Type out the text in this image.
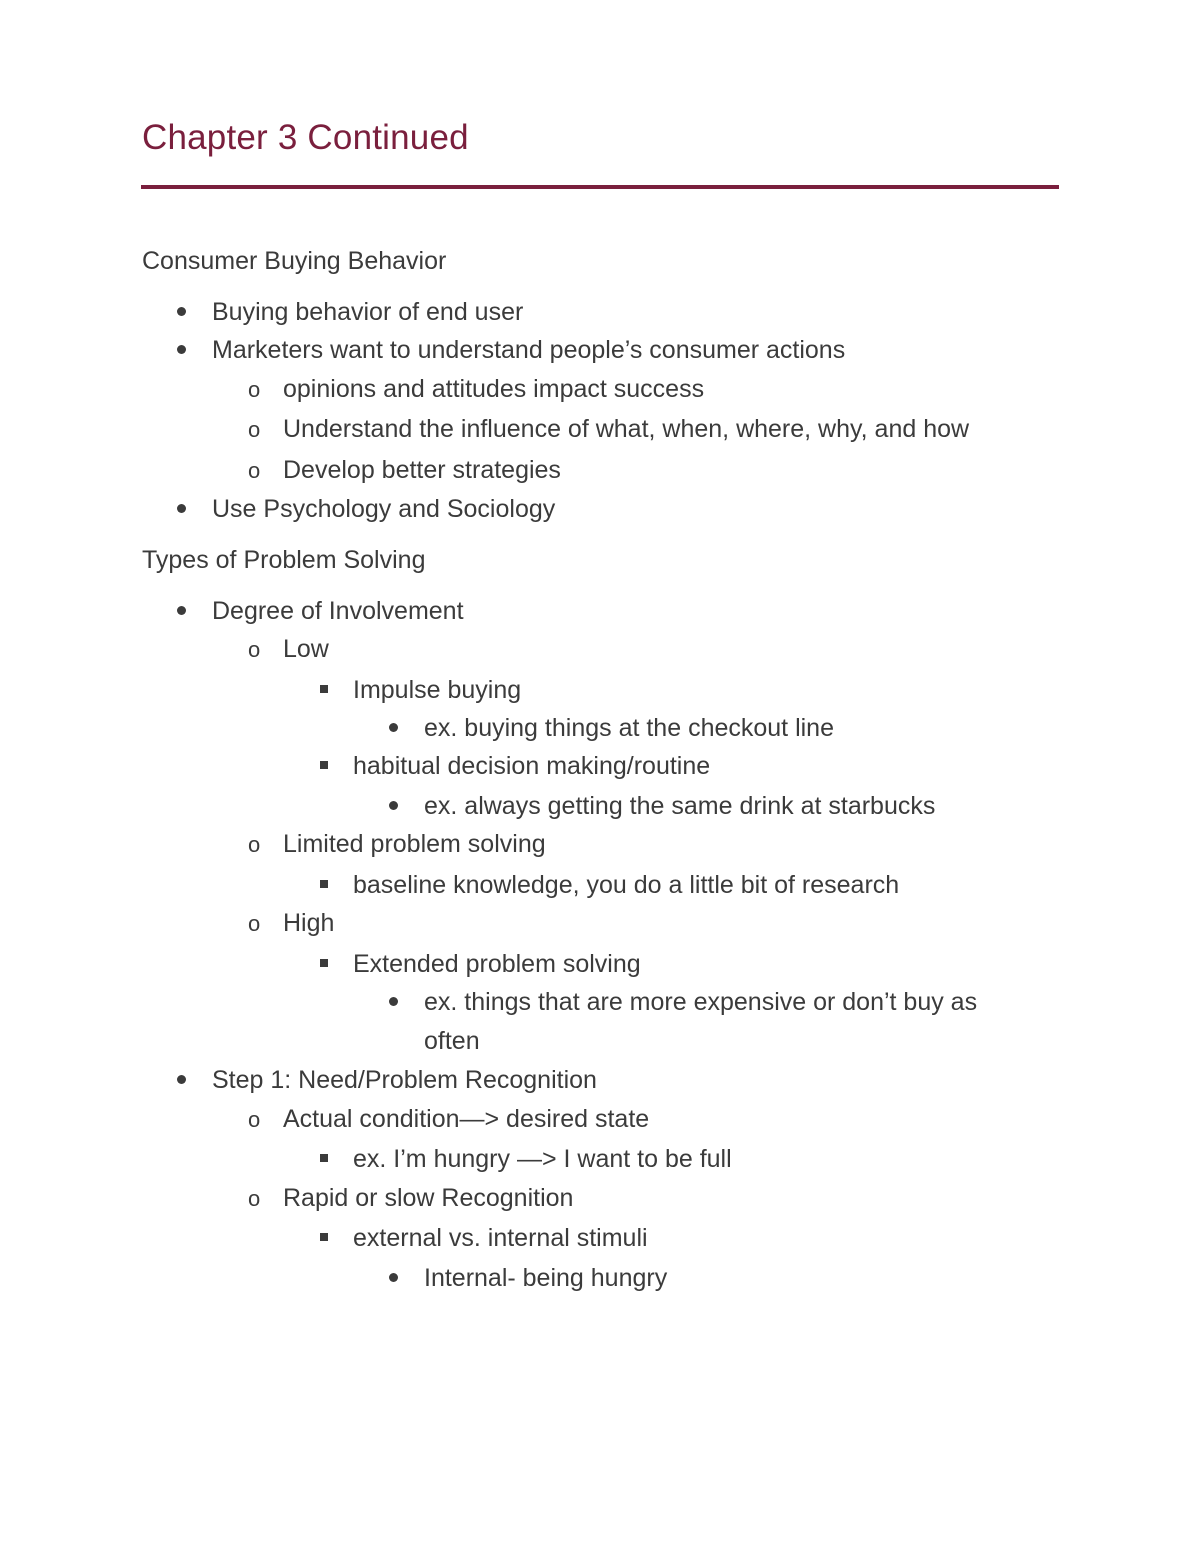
Chapter 3 Continued
Consumer Buying Behavior
Buying behavior of end user
Marketers want to understand people’s consumer actions
o opinions and attitudes impact success
o Understand the influence of what, when, where, why, and how
o Develop better strategies
Use Psychology and Sociology
Types of Problem Solving
Degree of Involvement
o Low
Impulse buying
ex. buying things at the checkout line
habitual decision making/routine
ex. always getting the same drink at starbucks
o Limited problem solving
baseline knowledge, you do a little bit of research
o High
Extended problem solving
ex. things that are more expensive or don’t buy as
often
Step 1: Need/Problem Recognition
o Actual condition—> desired state
ex. I’m hungry —> I want to be full
o Rapid or slow Recognition
external vs. internal stimuli
Internal- being hungry
